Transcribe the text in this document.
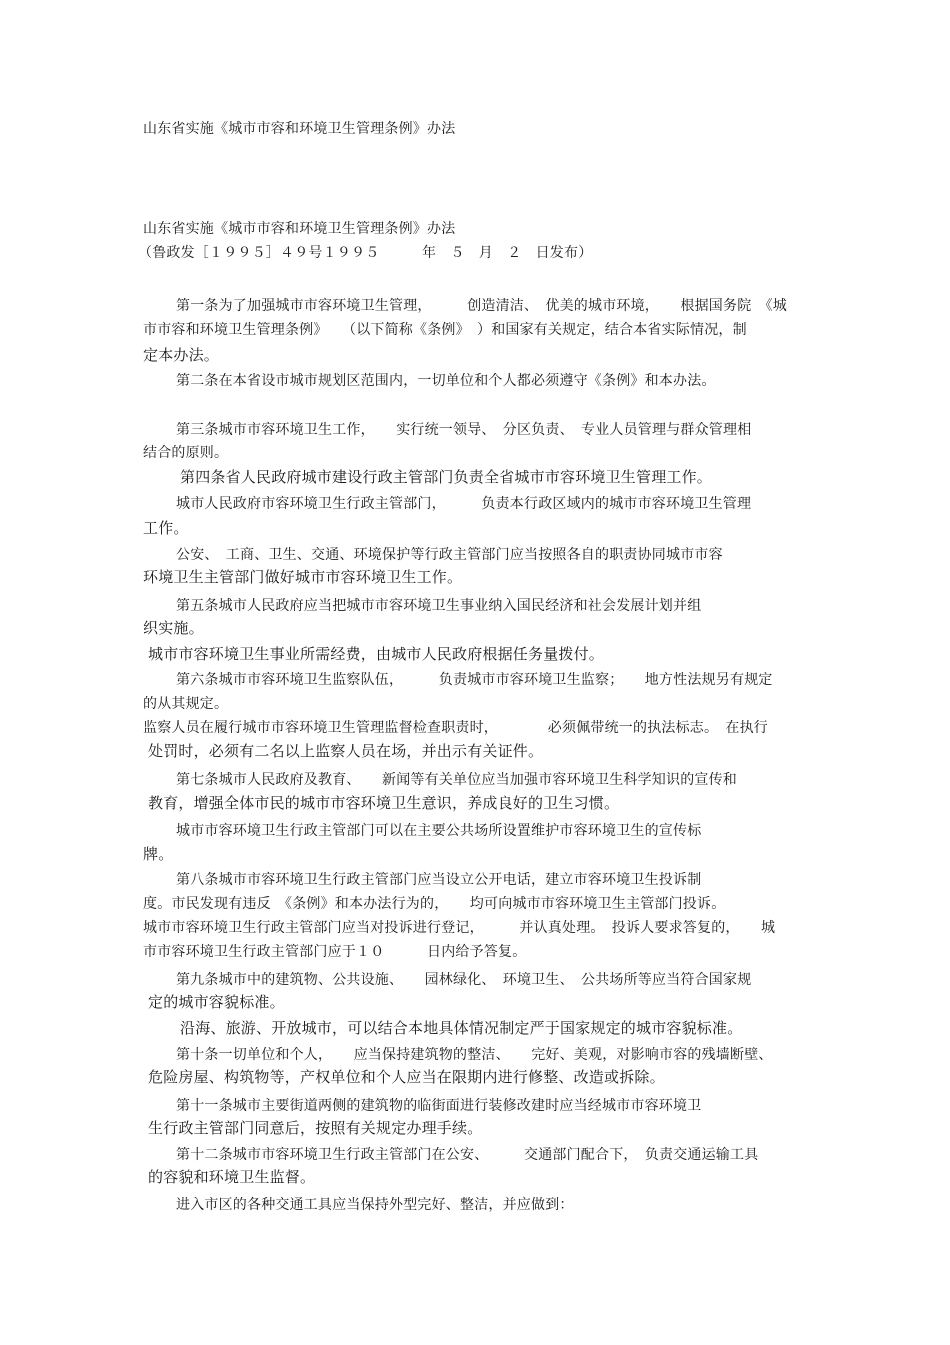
山东省实施《城市市容和环境卫生管理条例》办法
山东省实施《城市市容和环境卫生管理条例》办法
（鲁政发［１９９５］４９号１９９５　　　年　５　月　２　日发布）
第一条为了加强城市市容环境卫生管理，　　　创造清洁、　优美的城市环境，　　根据国务院　《城
市市容和环境卫生管理条例》　　（以下简称《条例》　）和国家有关规定，结合本省实际情况，制
定本办法。
第二条在本省设市城市规划区范围内，一切单位和个人都必须遵守《条例》和本办法。
第三条城市市容环境卫生工作，　　实行统一领导、　分区负责、　专业人员管理与群众管理相
结合的原则。
第四条省人民政府城市建设行政主管部门负责全省城市市容环境卫生管理工作。
城市人民政府市容环境卫生行政主管部门，　　　负责本行政区域内的城市市容环境卫生管理
工作。
公安、　工商、卫生、交通、环境保护等行政主管部门应当按照各自的职责协同城市市容
环境卫生主管部门做好城市市容环境卫生工作。
第五条城市人民政府应当把城市市容环境卫生事业纳入国民经济和社会发展计划并组
织实施。
城市市容环境卫生事业所需经费，由城市人民政府根据任务量拨付。
第六条城市市容环境卫生监察队伍，　　　负责城市市容环境卫生监察；　　地方性法规另有规定
的从其规定。
监察人员在履行城市市容环境卫生管理监督检查职责时，　　　　必须佩带统一的执法标志。　在执行
处罚时，必须有二名以上监察人员在场，并出示有关证件。
第七条城市人民政府及教育、　　新闻等有关单位应当加强市容环境卫生科学知识的宣传和
教育，增强全体市民的城市市容环境卫生意识，养成良好的卫生习惯。
城市市容环境卫生行政主管部门可以在主要公共场所设置维护市容环境卫生的宣传标
牌。
第八条城市市容环境卫生行政主管部门应当设立公开电话，建立市容环境卫生投诉制
度。市民发现有违反　《条例》和本办法行为的，　　均可向城市市容环境卫生主管部门投诉。
城市市容环境卫生行政主管部门应当对投诉进行登记，　　　并认真处理。　投诉人要求答复的，　　城
市市容环境卫生行政主管部门应于１０　　　日内给予答复。
第九条城市中的建筑物、公共设施、　　园林绿化、　环境卫生、　公共场所等应当符合国家规
定的城市容貌标准。
沿海、旅游、开放城市，可以结合本地具体情况制定严于国家规定的城市容貌标准。
第十条一切单位和个人，　　应当保持建筑物的整洁、　　完好、美观，对影响市容的残墙断壁、
危险房屋、构筑物等，产权单位和个人应当在限期内进行修整、改造或拆除。
第十一条城市主要街道两侧的建筑物的临街面进行装修改建时应当经城市市容环境卫
生行政主管部门同意后，按照有关规定办理手续。
第十二条城市市容环境卫生行政主管部门在公安、　　　交通部门配合下，　负责交通运输工具
的容貌和环境卫生监督。
进入市区的各种交通工具应当保持外型完好、整洁，并应做到：
